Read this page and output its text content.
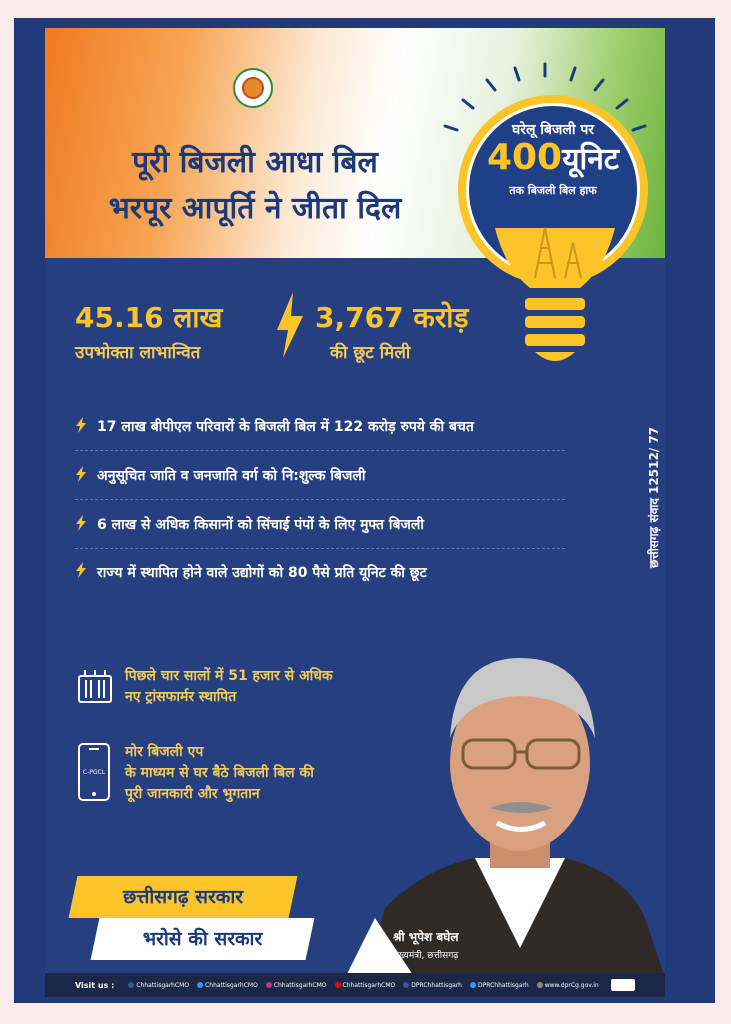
पूरी बिजली आधा बिल
भरपूर आपूर्ति ने जीता दिल
घरेलू बिजली पर
400यूनिट
तक बिजली बिल हाफ
45.16 लाख
उपभोक्ता लाभान्वित
3,767 करोड़
की छूट मिली
17 लाख बीपीएल परिवारों के बिजली बिल में 122 करोड़ रुपये की बचत
अनुसूचित जाति व जनजाति वर्ग को नि:शुल्क बिजली
6 लाख से अधिक किसानों को सिंचाई पंपों के लिए मुफ्त बिजली
राज्य में स्थापित होने वाले उद्योगों को 80 पैसे प्रति यूनिट की छूट
छत्तीसगढ़ संवाद 12512/ 77
पिछले चार सालों में 51 हजार से अधिक
नए ट्रांसफार्मर स्थापित
C-PGCL
मोर बिजली एप
के माध्यम से घर बैठे बिजली बिल की
पूरी जानकारी और भुगतान
छत्तीसगढ़ सरकार
भरोसे की सरकार	श्री भूपेश बघेल
मुख्यमंत्री, छत्तीसगढ़
Visit us :	ChhattisgarhCMO	ChhattisgarhCMO	ChhattisgarhCMO	ChhattisgarhCMO	DPRChhattisgarh	DPRChhattisgarh	www.dprCg.gov.in
